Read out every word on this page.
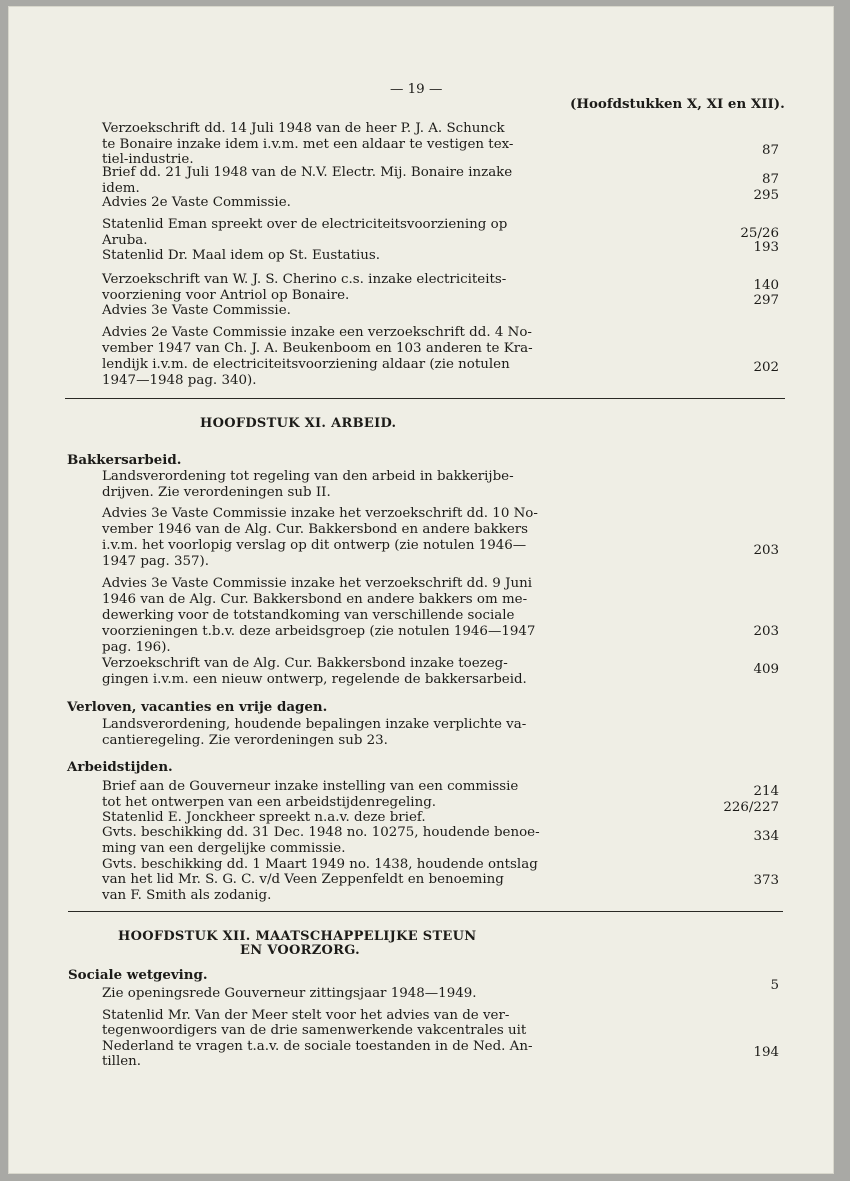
— 19 —
(Hoofdstukken X, XI en XII).
Verzoekschrift dd. 14 Juli 1948 van de heer P. J. A. Schunck
te Bonaire inzake idem i.v.m. met een aldaar te vestigen tex-
tiel-industrie.
87
Brief dd. 21 Juli 1948 van de N.V. Electr. Mij. Bonaire inzake
idem.
87
Advies 2e Vaste Commissie.	295
Statenlid Eman spreekt over de electriciteitsvoorziening op
Aruba.	25/26
Statenlid Dr. Maal idem op St. Eustatius.
193
Verzoekschrift van W. J. S. Cherino c.s. inzake electriciteits-
voorziening voor Antriol op Bonaire.
140
Advies 3e Vaste Commissie.
297
Advies 2e Vaste Commissie inzake een verzoekschrift dd. 4 No-
vember 1947 van Ch. J. A. Beukenboom en 103 anderen te Kra-
lendijk i.v.m. de electriciteitsvoorziening aldaar (zie notulen
1947—1948 pag. 340).
202
Landsverordening tot regeling van den arbeid in bakkerijbe-
drijven. Zie verordeningen sub II.
Advies 3e Vaste Commissie inzake het verzoekschrift dd. 10 No-
vember 1946 van de Alg. Cur. Bakkersbond en andere bakkers
i.v.m. het voorlopig verslag op dit ontwerp (zie notulen 1946—
1947 pag. 357).
203
Advies 3e Vaste Commissie inzake het verzoekschrift dd. 9 Juni
1946 van de Alg. Cur. Bakkersbond en andere bakkers om me-
dewerking voor de totstandkoming van verschillende sociale
voorzieningen t.b.v. deze arbeidsgroep (zie notulen 1946—1947
pag. 196).
203
Verzoekschrift van de Alg. Cur. Bakkersbond inzake toezeg-
gingen i.v.m. een nieuw ontwerp, regelende de bakkersarbeid.
409
Landsverordening, houdende bepalingen inzake verplichte va-
cantieregeling. Zie verordeningen sub 23.
Brief aan de Gouverneur inzake instelling van een commissie
tot het ontwerpen van een arbeidstijdenregeling.
214
Statenlid E. Jonckheer spreekt n.a.v. deze brief.
226/227
Gvts. beschikking dd. 31 Dec. 1948 no. 10275, houdende benoe-
ming van een dergelijke commissie.
334
Gvts. beschikking dd. 1 Maart 1949 no. 1438, houdende ontslag
van het lid Mr. S. G. C. v/d Veen Zeppenfeldt en benoeming
van F. Smith als zodanig.
373
Zie openingsrede Gouverneur zittingsjaar 1948—1949.
5
Statenlid Mr. Van der Meer stelt voor het advies van de ver-
tegenwoordigers van de drie samenwerkende vakcentrales uit
Nederland te vragen t.a.v. de sociale toestanden in de Ned. An-
tillen.
194
HOOFDSTUK XI. ARBEID.
Bakkersarbeid.
Verloven, vacanties en vrije dagen.
Arbeidstijden.
HOOFDSTUK XII. MAATSCHAPPELIJKE STEUN
EN VOORZORG.
Sociale wetgeving.
